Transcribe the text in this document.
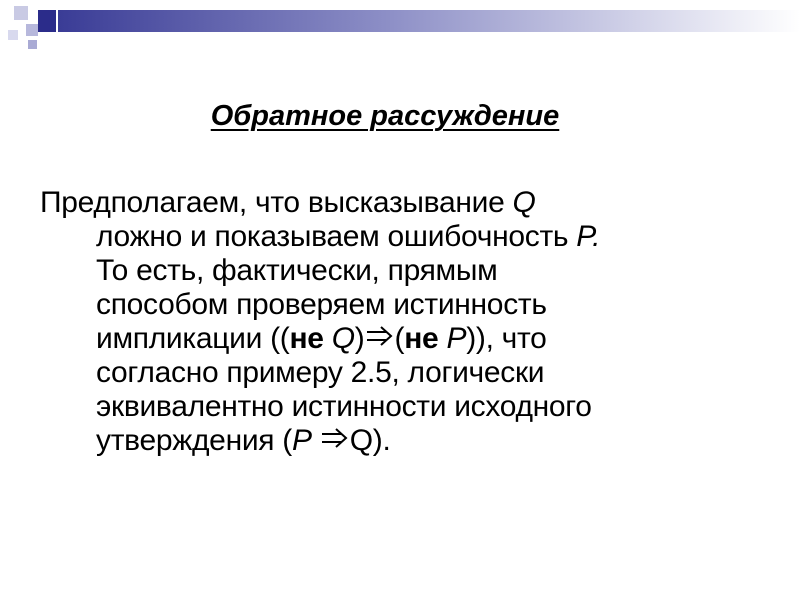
Обратное рассуждение
Предполагаем, что высказывание Q
ложно и показываем ошибочность P.
То есть, фактически, прямым
способом проверяем истинность
импликации ((не Q) (не P)), что
согласно примеру 2.5, логически
эквивалентно истинности исходного
утверждения (P Q).
